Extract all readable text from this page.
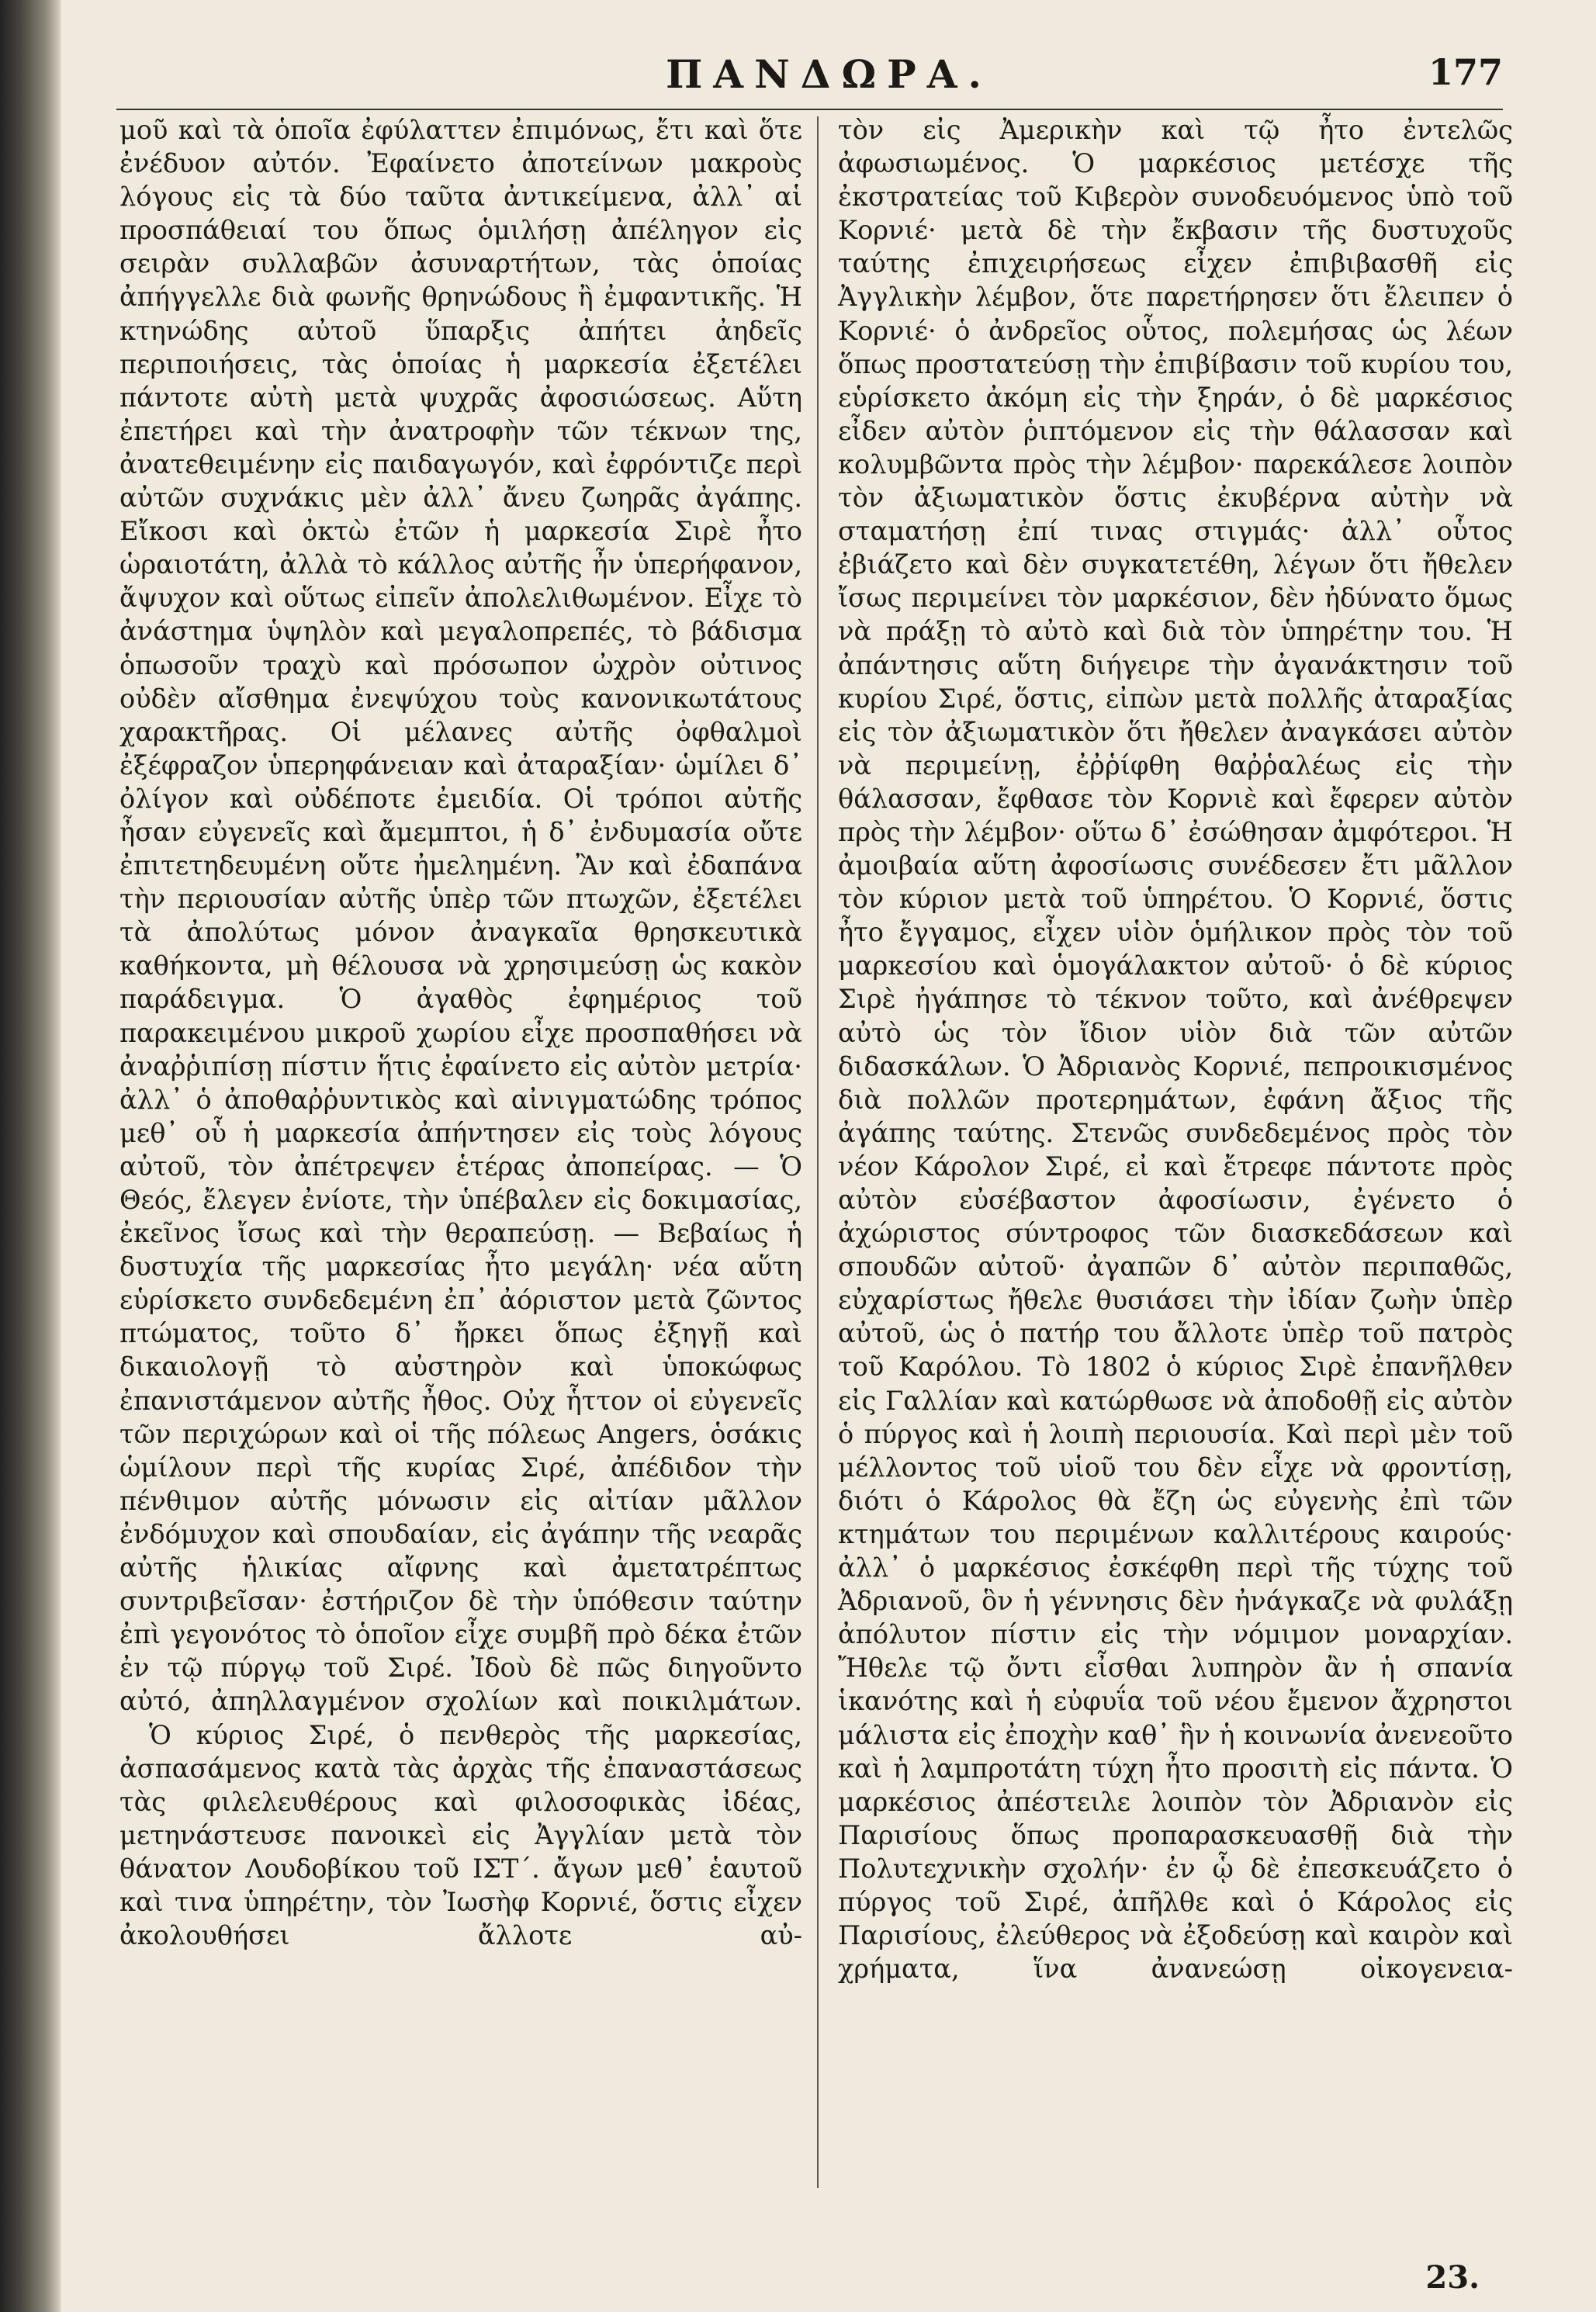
ΠΑΝΔΩΡΑ.	177

μοῦ καὶ τὰ ὁποῖα ἐφύλαττεν ἐπιμόνως, ἔτι καὶ ὅτε ἐνέδυον αὐτόν. Ἐφαίνετο ἀποτείνων μακροὺς λόγους εἰς τὰ δύο ταῦτα ἀντικείμενα, ἀλλ᾽ αἱ προσπάθειαί του ὅπως ὁμιλήσῃ ἀπέληγον εἰς σειρὰν συλλαβῶν ἀσυναρτήτων, τὰς ὁποίας ἀπήγγελλε διὰ φωνῆς θρηνώδους ἢ ἐμφαντικῆς. Ἡ κτηνώδης αὐτοῦ ὕπαρξις ἀπήτει ἀηδεῖς περιποιήσεις, τὰς ὁποίας ἡ μαρκεσία ἐξετέλει πάντοτε αὐτὴ μετὰ ψυχρᾶς ἀφοσιώσεως. Αὕτη ἐπετήρει καὶ τὴν ἀνατροφὴν τῶν τέκνων της, ἀνατεθειμένην εἰς παιδαγωγόν, καὶ ἐφρόντιζε περὶ αὐτῶν συχνάκις μὲν ἀλλ᾽ ἄνευ ζωηρᾶς ἀγάπης. Εἴκοσι καὶ ὀκτὼ ἐτῶν ἡ μαρκεσία Σιρὲ ἦτο ὡραιοτάτη, ἀλλὰ τὸ κάλλος αὐτῆς ἦν ὑπερήφανον, ἄψυχον καὶ οὕτως εἰπεῖν ἀπολελιθωμένον. Εἶχε τὸ ἀνάστημα ὑψηλὸν καὶ μεγαλοπρεπές, τὸ βάδισμα ὁπωσοῦν τραχὺ καὶ πρόσωπον ὠχρὸν οὐτινος οὐδὲν αἴσθημα ἐνεψύχου τοὺς κανονικωτάτους χαρακτῆρας. Οἱ μέλανες αὐτῆς ὀφθαλμοὶ ἐξέφραζον ὑπερηφάνειαν καὶ ἀταραξίαν· ὡμίλει δ᾽ ὀλίγον καὶ οὐδέποτε ἐμειδία. Οἱ τρόποι αὐτῆς ἦσαν εὐγενεῖς καὶ ἄμεμπτοι, ἡ δ᾽ ἐνδυμασία οὔτε ἐπιτετηδευμένη οὔτε ἠμελημένη. Ἂν καὶ ἐδαπάνα τὴν περιουσίαν αὐτῆς ὑπὲρ τῶν πτωχῶν, ἐξετέλει τὰ ἀπολύτως μόνον ἀναγκαῖα θρησκευτικὰ καθήκοντα, μὴ θέλουσα νὰ χρησιμεύσῃ ὡς κακὸν παράδειγμα. Ὁ ἀγαθὸς ἐφημέριος τοῦ παρακειμένου μικροῦ χωρίου εἶχε προσπαθήσει νὰ ἀναῤῥιπίσῃ πίστιν ἥτις ἐφαίνετο εἰς αὐτὸν μετρία· ἀλλ᾽ ὁ ἀποθαῤῥυντικὸς καὶ αἰνιγματώδης τρόπος μεθ᾽ οὗ ἡ μαρκεσία ἀπήντησεν εἰς τοὺς λόγους αὐτοῦ, τὸν ἀπέτρεψεν ἑτέρας ἀποπείρας. — Ὁ Θεός, ἔλεγεν ἐνίοτε, τὴν ὑπέβαλεν εἰς δοκιμασίας, ἐκεῖνος ἴσως καὶ τὴν θεραπεύσῃ. — Βεβαίως ἡ δυστυχία τῆς μαρκεσίας ἦτο μεγάλη· νέα αὕτη εὑρίσκετο συνδεδεμένη ἐπ᾽ ἀόριστον μετὰ ζῶντος πτώματος, τοῦτο δ᾽ ἤρκει ὅπως ἐξηγῇ καὶ δικαιολογῇ τὸ αὐστηρὸν καὶ ὑποκώφως ἐπανιστάμενον αὐτῆς ἦθος. Οὐχ ἧττον οἱ εὐγενεῖς τῶν περιχώρων καὶ οἱ τῆς πόλεως Angers, ὁσάκις ὡμίλουν περὶ τῆς κυρίας Σιρέ, ἀπέδιδον τὴν πένθιμον αὐτῆς μόνωσιν εἰς αἰτίαν μᾶλλον ἐνδόμυχον καὶ σπουδαίαν, εἰς ἀγάπην τῆς νεαρᾶς αὐτῆς ἡλικίας αἴφνης καὶ ἀμετατρέπτως συντριβεῖσαν· ἐστήριζον δὲ τὴν ὑπόθεσιν ταύτην ἐπὶ γεγονότος τὸ ὁποῖον εἶχε συμβῆ πρὸ δέκα ἐτῶν ἐν τῷ πύργῳ τοῦ Σιρέ. Ἰδοὺ δὲ πῶς διηγοῦντο αὐτό, ἀπηλλαγμένον σχολίων καὶ ποικιλμάτων.

Ὁ κύριος Σιρέ, ὁ πενθερὸς τῆς μαρκεσίας, ἀσπασάμενος κατὰ τὰς ἀρχὰς τῆς ἐπαναστάσεως τὰς φιλελευθέρους καὶ φιλοσοφικὰς ἰδέας, μετηνάστευσε πανοικεὶ εἰς Ἀγγλίαν μετὰ τὸν θάνατον Λουδοβίκου τοῦ ΙΣΤ΄. ἄγων μεθ᾽ ἑαυτοῦ καὶ τινα ὑπηρέτην, τὸν Ἰωσὴφ Κορνιέ, ὅστις εἶχεν ἀκολουθήσει ἄλλοτε αὐ-

τὸν εἰς Ἀμερικὴν καὶ τῷ ἦτο ἐντελῶς ἀφωσιωμένος. Ὁ μαρκέσιος μετέσχε τῆς ἐκστρατείας τοῦ Κιβερὸν συνοδευόμενος ὑπὸ τοῦ Κορνιέ· μετὰ δὲ τὴν ἔκβασιν τῆς δυστυχοῦς ταύτης ἐπιχειρήσεως εἶχεν ἐπιβιβασθῆ εἰς Ἀγγλικὴν λέμβον, ὅτε παρετήρησεν ὅτι ἔλειπεν ὁ Κορνιέ· ὁ ἀνδρεῖος οὗτος, πολεμήσας ὡς λέων ὅπως προστατεύσῃ τὴν ἐπιβίβασιν τοῦ κυρίου του, εὑρίσκετο ἀκόμη εἰς τὴν ξηράν, ὁ δὲ μαρκέσιος εἶδεν αὐτὸν ῥιπτόμενον εἰς τὴν θάλασσαν καὶ κολυμβῶντα πρὸς τὴν λέμβον· παρεκάλεσε λοιπὸν τὸν ἀξιωματικὸν ὅστις ἐκυβέρνα αὐτὴν νὰ σταματήσῃ ἐπί τινας στιγμάς· ἀλλ᾽ οὗτος ἐβιάζετο καὶ δὲν συγκατετέθη, λέγων ὅτι ἤθελεν ἴσως περιμείνει τὸν μαρκέσιον, δὲν ἠδύνατο ὅμως νὰ πράξῃ τὸ αὐτὸ καὶ διὰ τὸν ὑπηρέτην του. Ἡ ἀπάντησις αὕτη διήγειρε τὴν ἀγανάκτησιν τοῦ κυρίου Σιρέ, ὅστις, εἰπὼν μετὰ πολλῆς ἀταραξίας εἰς τὸν ἀξιωματικὸν ὅτι ἤθελεν ἀναγκάσει αὐτὸν νὰ περιμείνῃ, ἐῤῥίφθη θαῤῥαλέως εἰς τὴν θάλασσαν, ἔφθασε τὸν Κορνιὲ καὶ ἔφερεν αὐτὸν πρὸς τὴν λέμβον· οὕτω δ᾽ ἐσώθησαν ἀμφότεροι. Ἡ ἀμοιβαία αὕτη ἀφοσίωσις συνέδεσεν ἔτι μᾶλλον τὸν κύριον μετὰ τοῦ ὑπηρέτου. Ὁ Κορνιέ, ὅστις ἦτο ἔγγαμος, εἶχεν υἱὸν ὁμήλικον πρὸς τὸν τοῦ μαρκεσίου καὶ ὁμογάλακτον αὐτοῦ· ὁ δὲ κύριος Σιρὲ ἠγάπησε τὸ τέκνον τοῦτο, καὶ ἀνέθρεψεν αὐτὸ ὡς τὸν ἴδιον υἱὸν διὰ τῶν αὐτῶν διδασκάλων. Ὁ Ἀδριανὸς Κορνιέ, πεπροικισμένος διὰ πολλῶν προτερημάτων, ἐφάνη ἄξιος τῆς ἀγάπης ταύτης. Στενῶς συνδεδεμένος πρὸς τὸν νέον Κάρολον Σιρέ, εἰ καὶ ἔτρεφε πάντοτε πρὸς αὐτὸν εὐσέβαστον ἀφοσίωσιν, ἐγένετο ὁ ἀχώριστος σύντροφος τῶν διασκεδάσεων καὶ σπουδῶν αὐτοῦ· ἀγαπῶν δ᾽ αὐτὸν περιπαθῶς, εὐχαρίστως ἤθελε θυσιάσει τὴν ἰδίαν ζωὴν ὑπὲρ αὐτοῦ, ὡς ὁ πατήρ του ἄλλοτε ὑπὲρ τοῦ πατρὸς τοῦ Καρόλου. Τὸ 1802 ὁ κύριος Σιρὲ ἐπανῆλθεν εἰς Γαλλίαν καὶ κατώρθωσε νὰ ἀποδοθῇ εἰς αὐτὸν ὁ πύργος καὶ ἡ λοιπὴ περιουσία. Καὶ περὶ μὲν τοῦ μέλλοντος τοῦ υἱοῦ του δὲν εἶχε νὰ φροντίσῃ, διότι ὁ Κάρολος θὰ ἔζη ὡς εὐγενὴς ἐπὶ τῶν κτημάτων του περιμένων καλλιτέρους καιρούς· ἀλλ᾽ ὁ μαρκέσιος ἐσκέφθη περὶ τῆς τύχης τοῦ Ἀδριανοῦ, ὃν ἡ γέννησις δὲν ἠνάγκαζε νὰ φυλάξῃ ἀπόλυτον πίστιν εἰς τὴν νόμιμον μοναρχίαν. Ἤθελε τῷ ὄντι εἶσθαι λυπηρὸν ἂν ἡ σπανία ἱκανότης καὶ ἡ εὐφυΐα τοῦ νέου ἔμενον ἄχρηστοι μάλιστα εἰς ἐποχὴν καθ᾽ ἣν ἡ κοινωνία ἀνενεοῦτο καὶ ἡ λαμπροτάτη τύχη ἦτο προσιτὴ εἰς πάντα. Ὁ μαρκέσιος ἀπέστειλε λοιπὸν τὸν Ἀδριανὸν εἰς Παρισίους ὅπως προπαρασκευασθῇ διὰ τὴν Πολυτεχνικὴν σχολήν· ἐν ᾧ δὲ ἐπεσκευάζετο ὁ πύργος τοῦ Σιρέ, ἀπῆλθε καὶ ὁ Κάρολος εἰς Παρισίους, ἐλεύθερος νὰ ἐξοδεύσῃ καὶ καιρὸν καὶ χρήματα, ἵνα ἀνανεώσῃ οἰκογενεια-

23.
